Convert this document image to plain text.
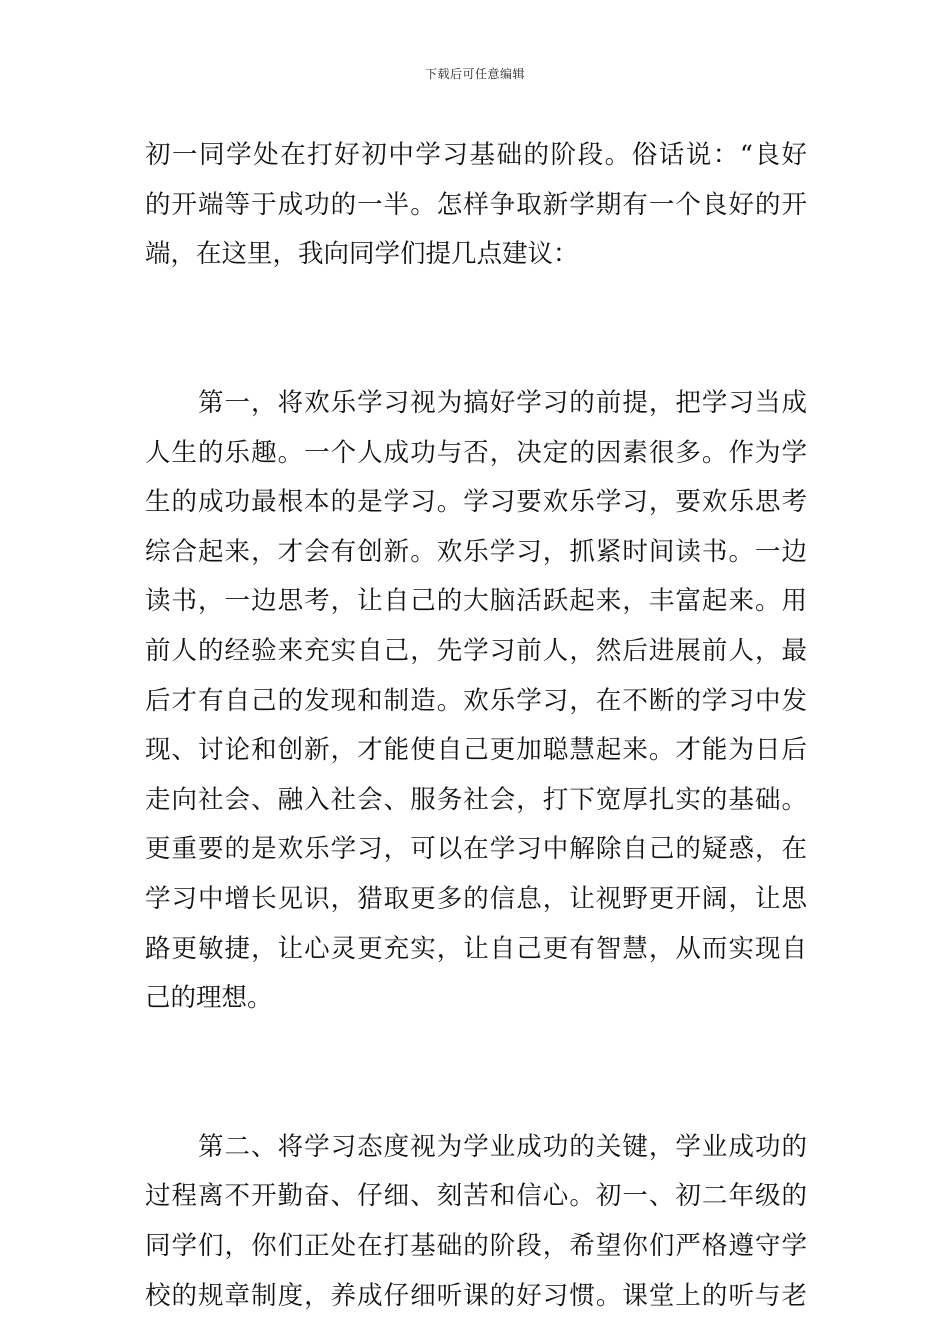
下载后可任意编辑
初一同学处在打好初中学习基础的阶段。俗话说：“良好
的开端等于成功的一半。怎样争取新学期有一个良好的开
端，在这里，我向同学们提几点建议：
第一，将欢乐学习视为搞好学习的前提，把学习当成
人生的乐趣。一个人成功与否，决定的因素很多。作为学
生的成功最根本的是学习。学习要欢乐学习，要欢乐思考
综合起来，才会有创新。欢乐学习，抓紧时间读书。一边
读书，一边思考，让自己的大脑活跃起来，丰富起来。用
前人的经验来充实自己，先学习前人，然后进展前人，最
后才有自己的发现和制造。欢乐学习，在不断的学习中发
现、讨论和创新，才能使自己更加聪慧起来。才能为日后
走向社会、融入社会、服务社会，打下宽厚扎实的基础。
更重要的是欢乐学习，可以在学习中解除自己的疑惑，在
学习中增长见识，猎取更多的信息，让视野更开阔，让思
路更敏捷，让心灵更充实，让自己更有智慧，从而实现自
己的理想。
第二、将学习态度视为学业成功的关键，学业成功的
过程离不开勤奋、仔细、刻苦和信心。初一、初二年级的
同学们，你们正处在打基础的阶段，希望你们严格遵守学
校的规章制度，养成仔细听课的好习惯。课堂上的听与老
